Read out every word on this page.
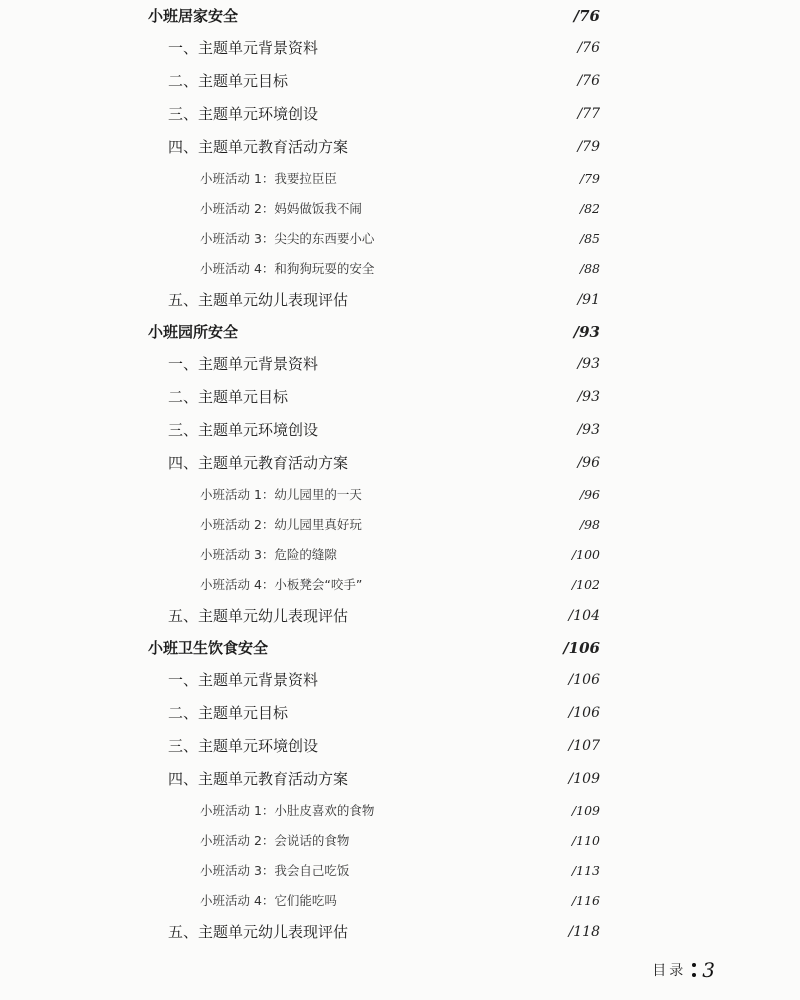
小班居家安全	/76
一、主题单元背景资料	/76
二、主题单元目标	/76
三、主题单元环境创设	/77
四、主题单元教育活动方案	/79
小班活动 1：我要拉臣臣	/79
小班活动 2：妈妈做饭我不闹	/82
小班活动 3：尖尖的东西要小心	/85
小班活动 4：和狗狗玩耍的安全	/88
五、主题单元幼儿表现评估	/91
小班园所安全	/93
一、主题单元背景资料	/93
二、主题单元目标	/93
三、主题单元环境创设	/93
四、主题单元教育活动方案	/96
小班活动 1：幼儿园里的一天	/96
小班活动 2：幼儿园里真好玩	/98
小班活动 3：危险的缝隙	/100
小班活动 4：小板凳会“咬手”	/102
五、主题单元幼儿表现评估	/104
小班卫生饮食安全	/106
一、主题单元背景资料	/106
二、主题单元目标	/106
三、主题单元环境创设	/107
四、主题单元教育活动方案	/109
小班活动 1：小肚皮喜欢的食物	/109
小班活动 2：会说话的食物	/110
小班活动 3：我会自己吃饭	/113
小班活动 4：它们能吃吗	/116
五、主题单元幼儿表现评估	/118
目录 3
